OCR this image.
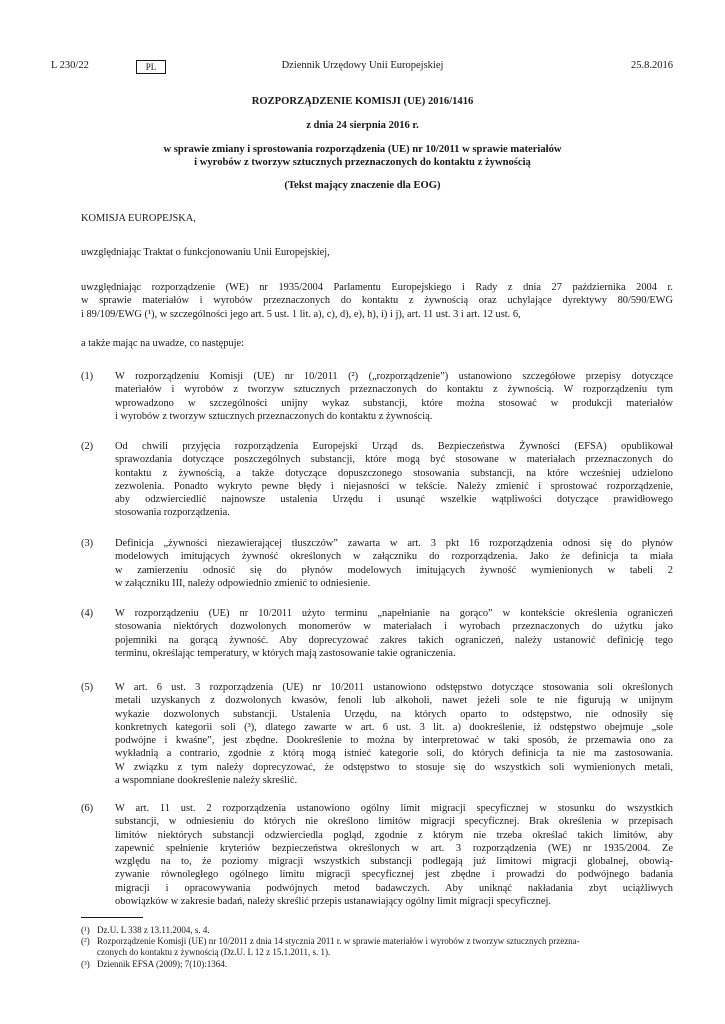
L 230/22	PL	Dziennik Urzędowy Unii Europejskiej	25.8.2016
ROZPORZĄDZENIE KOMISJI (UE) 2016/1416
z dnia 24 sierpnia 2016 r.
w sprawie zmiany i sprostowania rozporządzenia (UE) nr 10/2011 w sprawie materiałów
i wyrobów z tworzyw sztucznych przeznaczonych do kontaktu z żywnością
(Tekst mający znaczenie dla EOG)
KOMISJA EUROPEJSKA,
uwzględniając Traktat o funkcjonowaniu Unii Europejskiej,
uwzględniając rozporządzenie (WE) nr 1935/2004 Parlamentu Europejskiego i Rady z dnia 27 października 2004 r.
w sprawie materiałów i wyrobów przeznaczonych do kontaktu z żywnością oraz uchylające dyrektywy 80/590/EWG
i 89/109/EWG (¹), w szczególności jego art. 5 ust. 1 lit. a), c), d), e), h), i) i j), art. 11 ust. 3 i art. 12 ust. 6,
a także mając na uwadze, co następuje:
(1) W rozporządzeniu Komisji (UE) nr 10/2011 (²) („rozporządzenie”) ustanowiono szczegółowe przepisy dotyczące
materiałów i wyrobów z tworzyw sztucznych przeznaczonych do kontaktu z żywnością. W rozporządzeniu tym
wprowadzono w szczególności unijny wykaz substancji, które można stosować w produkcji materiałów
i wyrobów z tworzyw sztucznych przeznaczonych do kontaktu z żywnością.
(2) Od chwili przyjęcia rozporządzenia Europejski Urząd ds. Bezpieczeństwa Żywności (EFSA) opublikował
sprawozdania dotyczące poszczególnych substancji, które mogą być stosowane w materiałach przeznaczonych do
kontaktu z żywnością, a także dotyczące dopuszczonego stosowania substancji, na które wcześniej udzielono
zezwolenia. Ponadto wykryto pewne błędy i niejasności w tekście. Należy zmienić i sprostować rozporządzenie,
aby odzwierciedlić najnowsze ustalenia Urzędu i usunąć wszelkie wątpliwości dotyczące prawidłowego
stosowania rozporządzenia.
(3) Definicja „żywności niezawierającej tłuszczów” zawarta w art. 3 pkt 16 rozporządzenia odnosi się do płynów
modelowych imitujących żywność określonych w załączniku do rozporządzenia. Jako że definicja ta miała
w zamierzeniu odnosić się do płynów modelowych imitujących żywność wymienionych w tabeli 2
w załączniku III, należy odpowiednio zmienić to odniesienie.
(4) W rozporządzeniu (UE) nr 10/2011 użyto terminu „napełnianie na gorąco” w kontekście określenia ograniczeń
stosowania niektórych dozwolonych monomerów w materiałach i wyrobach przeznaczonych do użytku jako
pojemniki na gorącą żywność. Aby doprecyzować zakres takich ograniczeń, należy ustanowić definicję tego
terminu, określając temperatury, w których mają zastosowanie takie ograniczenia.
(5) W art. 6 ust. 3 rozporządzenia (UE) nr 10/2011 ustanowiono odstępstwo dotyczące stosowania soli określonych
metali uzyskanych z dozwolonych kwasów, fenoli lub alkoholi, nawet jeżeli sole te nie figurują w unijnym
wykazie dozwolonych substancji. Ustalenia Urzędu, na których oparto to odstępstwo, nie odnosiły się
konkretnych kategorii soli (³), dlatego zawarte w art. 6 ust. 3 lit. a) dookreślenie, iż odstępstwo obejmuje „sole
podwójne i kwaśne”, jest zbędne. Dookreślenie to można by interpretować w taki sposób, że przemawia ono za
wykładnią a contrario, zgodnie z którą mogą istnieć kategorie soli, do których definicja ta nie ma zastosowania.
W związku z tym należy doprecyzować, że odstępstwo to stosuje się do wszystkich soli wymienionych metali,
a wspomniane dookreślenie należy skreślić.
(6) W art. 11 ust. 2 rozporządzenia ustanowiono ogólny limit migracji specyficznej w stosunku do wszystkich
substancji, w odniesieniu do których nie określono limitów migracji specyficznej. Brak określenia w przepisach
limitów niektórych substancji odzwierciedla pogląd, zgodnie z którym nie trzeba określać takich limitów, aby
zapewnić spełnienie kryteriów bezpieczeństwa określonych w art. 3 rozporządzenia (WE) nr 1935/2004. Ze
względu na to, że poziomy migracji wszystkich substancji podlegają już limitowi migracji globalnej, obowią-
zywanie równoległego ogólnego limitu migracji specyficznej jest zbędne i prowadzi do podwójnego badania
migracji i opracowywania podwójnych metod badawczych. Aby uniknąć nakładania zbyt uciążliwych
obowiązków w zakresie badań, należy skreślić przepis ustanawiający ogólny limit migracji specyficznej.
(¹) Dz.U. L 338 z 13.11.2004, s. 4.
(²) Rozporządzenie Komisji (UE) nr 10/2011 z dnia 14 stycznia 2011 r. w sprawie materiałów i wyrobów z tworzyw sztucznych przezna-
czonych do kontaktu z żywnością (Dz.U. L 12 z 15.1.2011, s. 1).
(³) Dziennik EFSA (2009); 7(10):1364.
